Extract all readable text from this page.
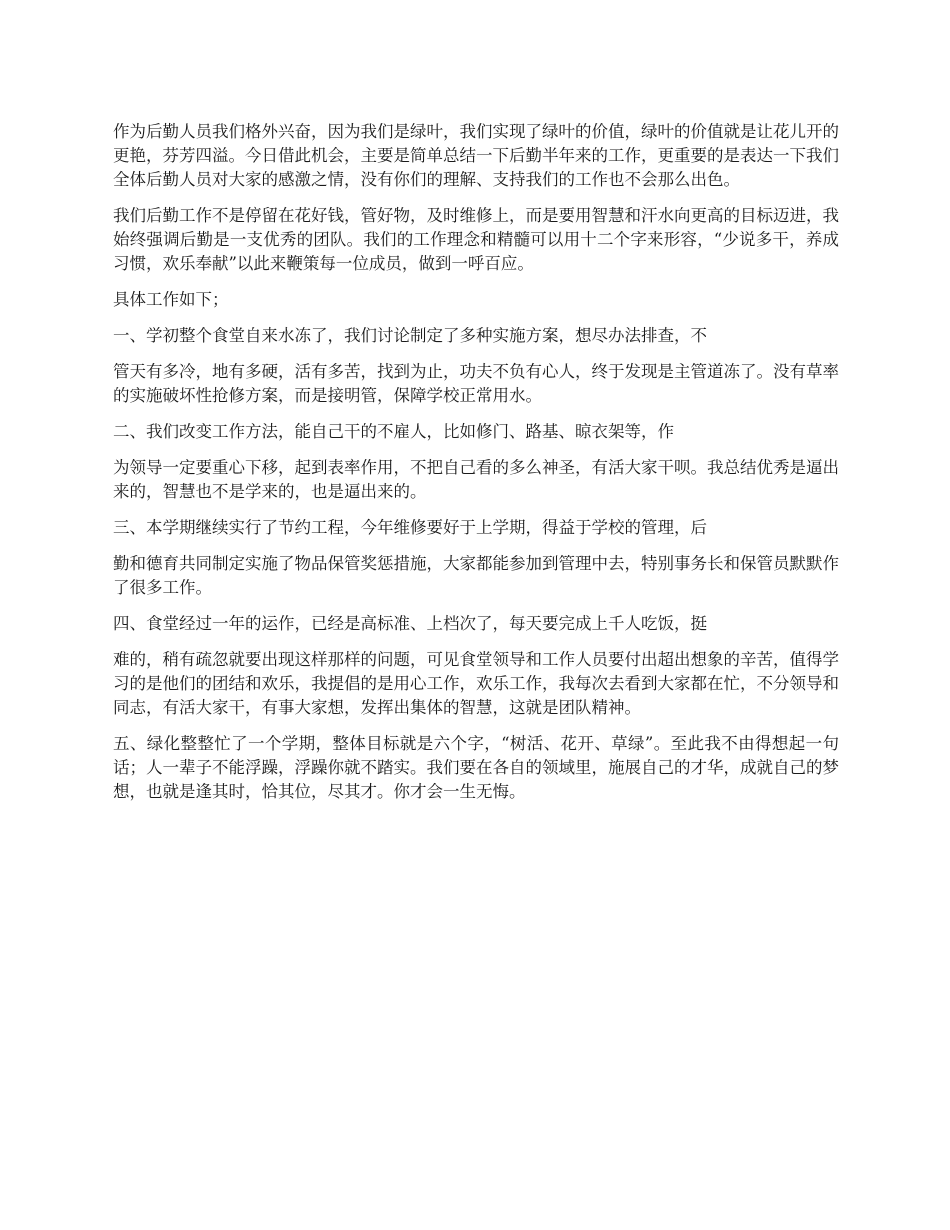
作为后勤人员我们格外兴奋，因为我们是绿叶，我们实现了绿叶的价值，绿叶的价值就是让花儿开的更艳，芬芳四溢。今日借此机会，主要是简单总结一下后勤半年来的工作，更重要的是表达一下我们全体后勤人员对大家的感激之情，没有你们的理解、支持我们的工作也不会那么出色。

我们后勤工作不是停留在花好钱，管好物，及时维修上，而是要用智慧和汗水向更高的目标迈进，我始终强调后勤是一支优秀的团队。我们的工作理念和精髓可以用十二个字来形容，“少说多干，养成习惯，欢乐奉献”以此来鞭策每一位成员，做到一呼百应。

具体工作如下；

一、学初整个食堂自来水冻了，我们讨论制定了多种实施方案，想尽办法排查，不

管天有多冷，地有多硬，活有多苦，找到为止，功夫不负有心人，终于发现是主管道冻了。没有草率的实施破坏性抢修方案，而是接明管，保障学校正常用水。

二、我们改变工作方法，能自己干的不雇人，比如修门、路基、晾衣架等，作

为领导一定要重心下移，起到表率作用，不把自己看的多么神圣，有活大家干呗。我总结优秀是逼出来的，智慧也不是学来的，也是逼出来的。

三、本学期继续实行了节约工程，今年维修要好于上学期，得益于学校的管理，后

勤和德育共同制定实施了物品保管奖惩措施，大家都能参加到管理中去，特别事务长和保管员默默作了很多工作。

四、食堂经过一年的运作，已经是高标准、上档次了，每天要完成上千人吃饭，挺

难的，稍有疏忽就要出现这样那样的问题，可见食堂领导和工作人员要付出超出想象的辛苦，值得学习的是他们的团结和欢乐，我提倡的是用心工作，欢乐工作，我每次去看到大家都在忙，不分领导和同志，有活大家干，有事大家想，发挥出集体的智慧，这就是团队精神。

五、绿化整整忙了一个学期，整体目标就是六个字，“树活、花开、草绿”。至此我不由得想起一句话；人一辈子不能浮躁，浮躁你就不踏实。我们要在各自的领域里，施展自己的才华，成就自己的梦想，也就是逢其时，恰其位，尽其才。你才会一生无悔。
